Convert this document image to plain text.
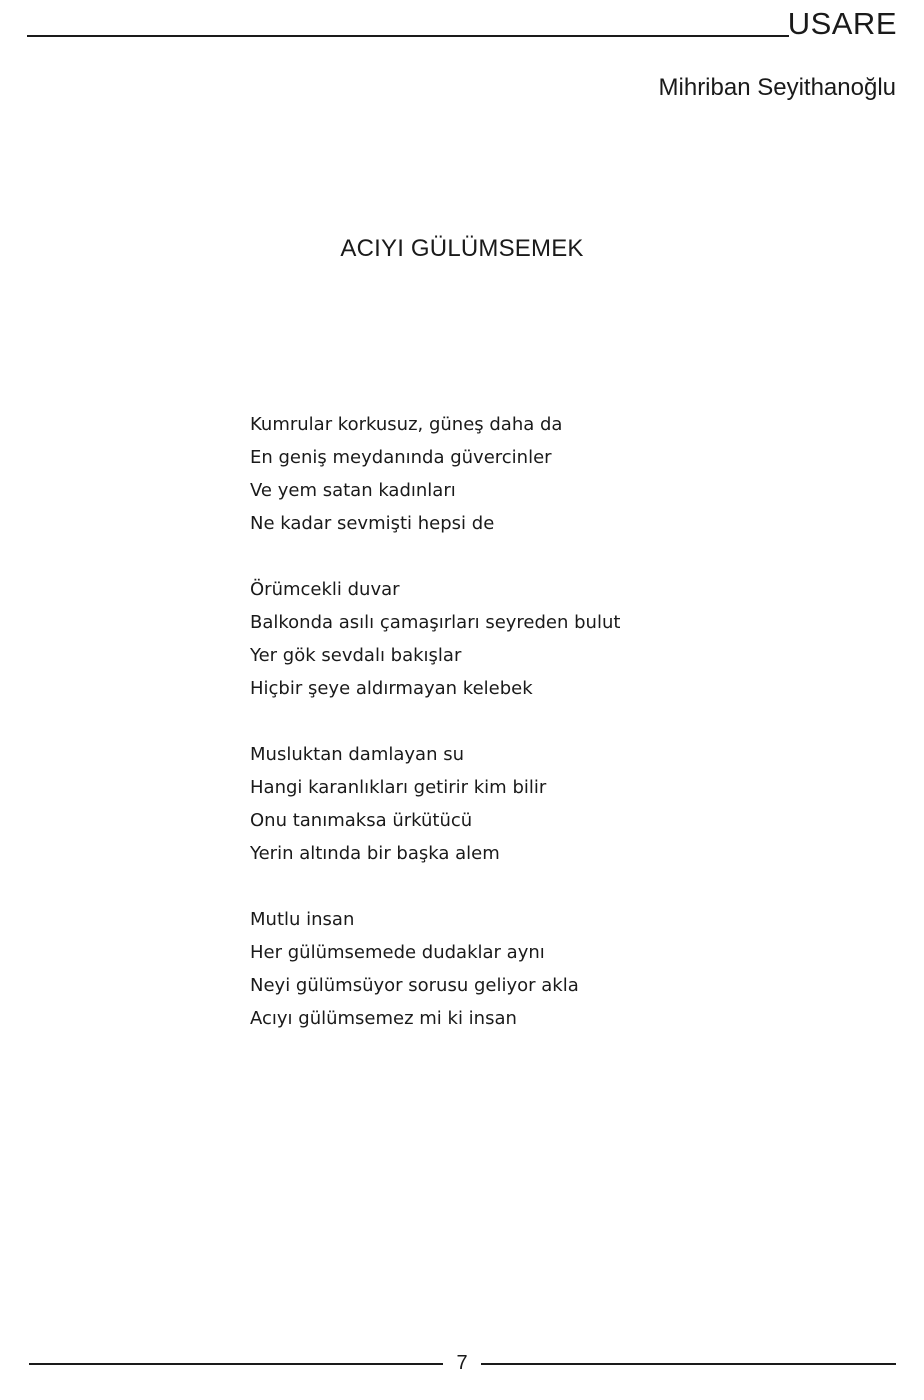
USARE
Mihriban Seyithanoğlu
ACIYI GÜLÜMSEMEK
Kumrular korkusuz, güneş daha da
En geniş meydanında güvercinler
Ve yem satan kadınları
Ne kadar sevmişti hepsi de
Örümcekli duvar
Balkonda asılı çamaşırları seyreden bulut
Yer gök sevdalı bakışlar
Hiçbir şeye aldırmayan kelebek
Musluktan damlayan su
Hangi karanlıkları getirir kim bilir
Onu tanımaksa ürkütücü
Yerin altında bir başka alem
Mutlu insan
Her gülümsemede dudaklar aynı
Neyi gülümsüyor sorusu geliyor akla
Acıyı gülümsemez mi ki insan
7
